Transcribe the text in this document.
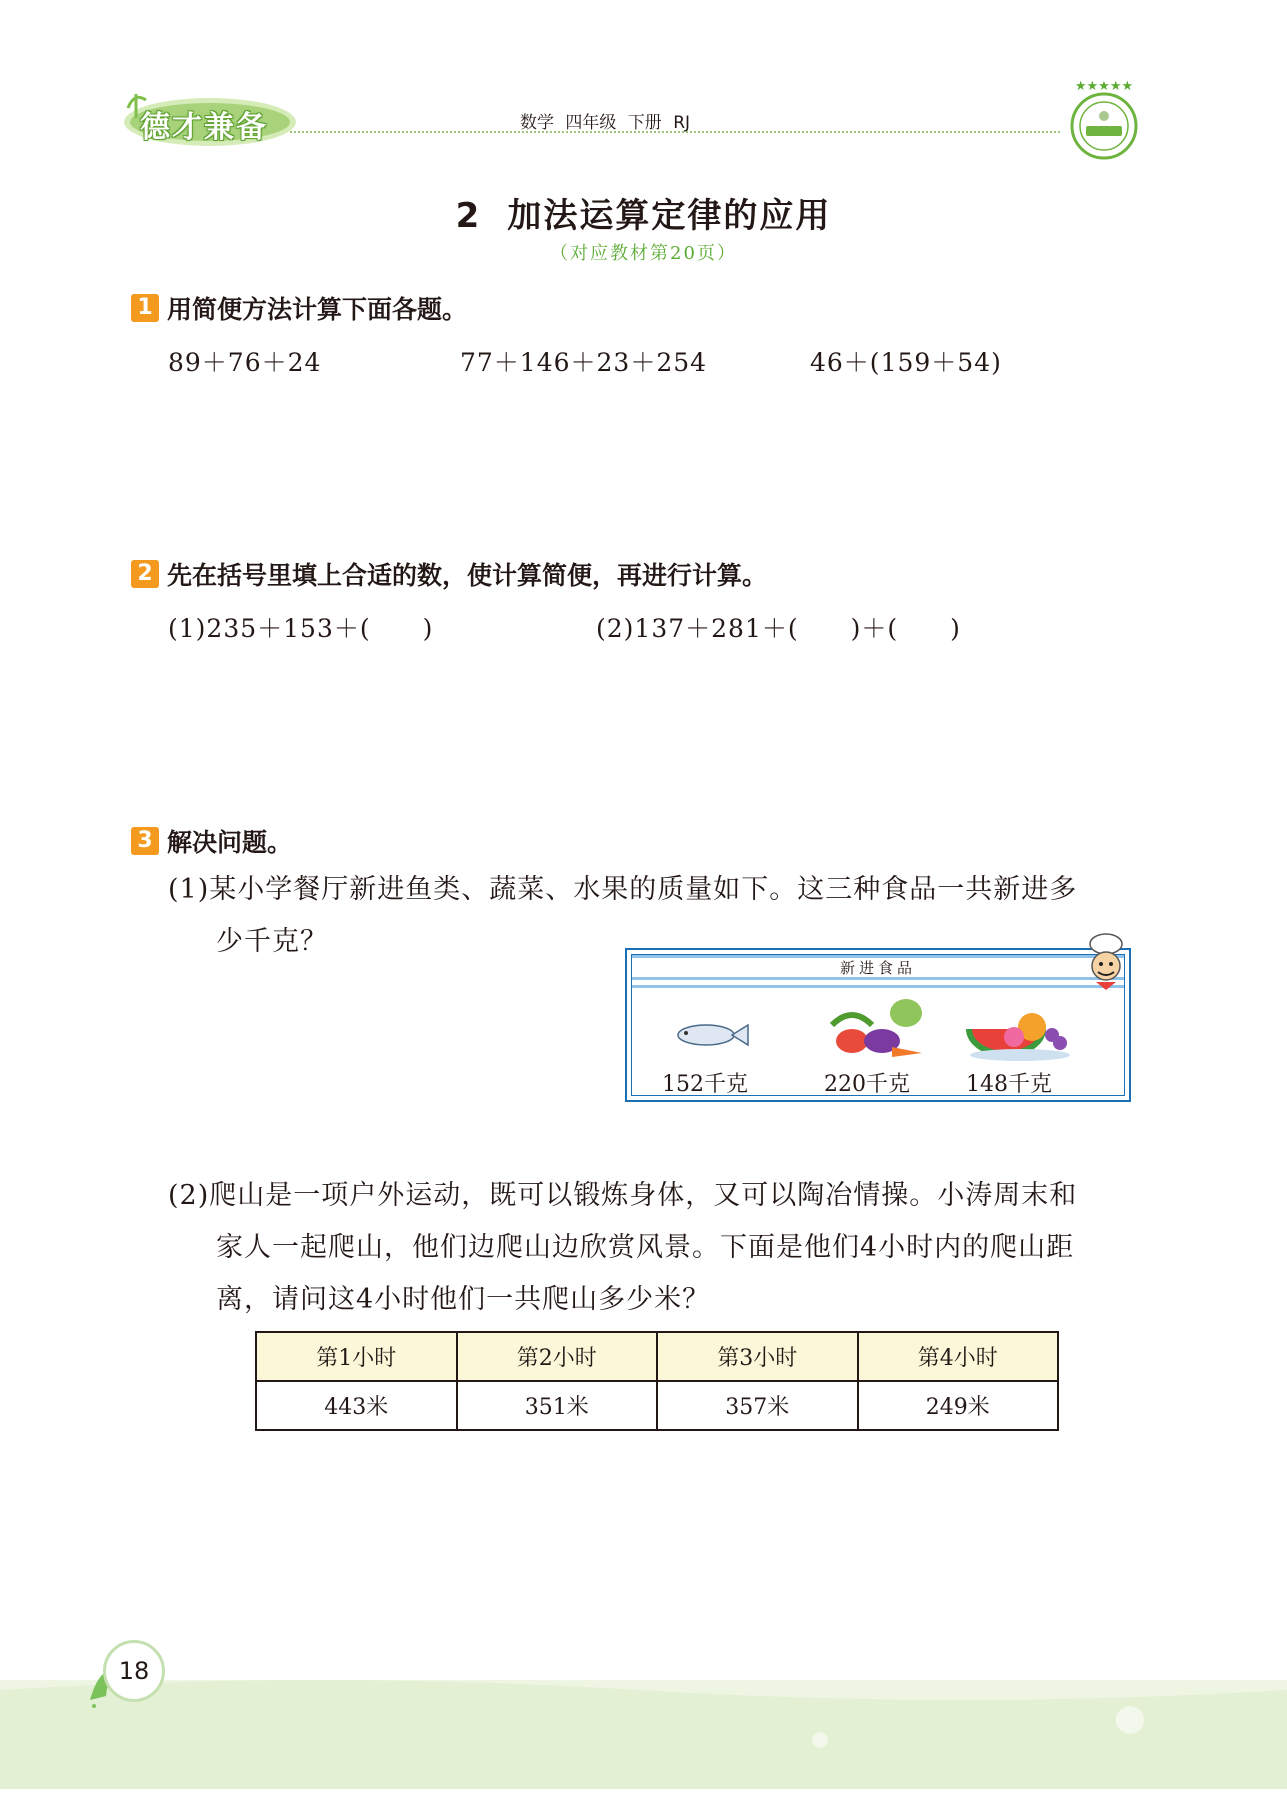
德才兼备	数学 四年级 下册 RJ
★★★★★
2 加法运算定律的应用
（对应教材第20页）
1 用简便方法计算下面各题。
89＋76＋24	77＋146＋23＋254	46＋(159＋54)
2 先在括号里填上合适的数，使计算简便，再进行计算。
(1)235＋153＋(　　)	(2)137＋281＋(　　)＋(　　)
3 解决问题。
(1)某小学餐厅新进鱼类、蔬菜、水果的质量如下。这三种食品一共新进多
少千克？
新进食品
152千克	220千克	148千克
(2)爬山是一项户外运动，既可以锻炼身体，又可以陶冶情操。小涛周末和
家人一起爬山，他们边爬山边欣赏风景。下面是他们4小时内的爬山距
离，请问这4小时他们一共爬山多少米？
第1小时	第2小时	第3小时	第4小时
443米	351米	357米	249米
18
